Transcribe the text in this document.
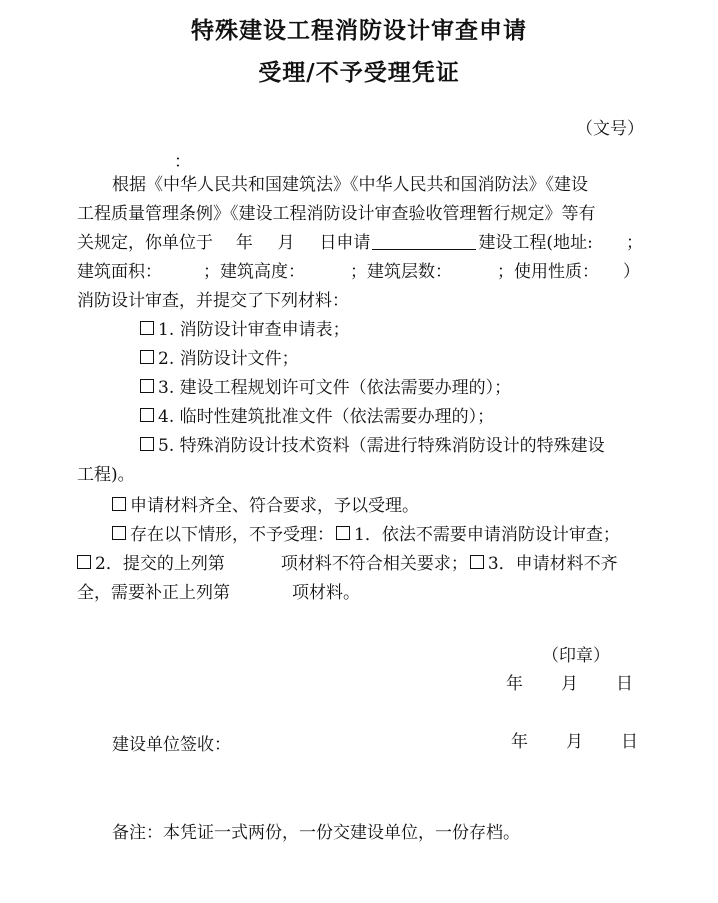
特殊建设工程消防设计审查申请
受理/不予受理凭证
（文号）
：
根据《中华人民共和国建筑法》《中华人民共和国消防法》《建设
工程质量管理条例》《建设工程消防设计审查验收管理暂行规定》等有
关规定，你单位于 年 月 日申请	建设工程(地址: ；
建筑面积： ；建筑高度：	；建筑层数：	；使用性质： ）
消防设计审查，并提交了下列材料：
1. 消防设计审查申请表；
2. 消防设计文件；
3. 建设工程规划许可文件（依法需要办理的）；
4. 临时性建筑批准文件（依法需要办理的）；
5. 特殊消防设计技术资料（需进行特殊消防设计的特殊建设
工程)。
申请材料齐全、符合要求，予以受理。
存在以下情形，不予受理： 1．依法不需要申请消防设计审查；
2．提交的上列第	项材料不符合相关要求； 3．申请材料不齐
全，需要补正上列第	项材料。
（印章）
年 月 日
建设单位签收：	年 月 日
备注：本凭证一式两份，一份交建设单位，一份存档。
